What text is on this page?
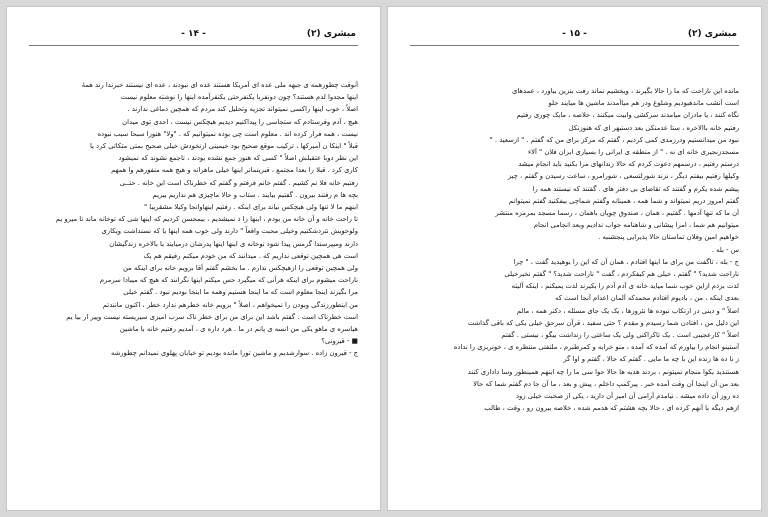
مبشری (۲)
- ۱۴ -

آنوقت چطورهمه ی جبهه ملی عده ای آمریکا هستند عده ای نبودند ، عده ای نیستند خبرندا رند همهٔ

اینها مجدوا لدم هستند؟ چون دونفربا یکنفرحتی یکنفرآمده اینها را نوشته معلوم نیست

اصلاً ، خوب اینها راکسی نمیتواند تجزیه وتحلیل کند مردم که همچین دماغی ندارند .

هیچ ، آدم وفرستادم که ستجاسی را پیداکنیم دیدیم هیچکس نیست ، احدی توی میدان

نیست ، همه فرار کرده اند . معلوم است چی بوده نمیتوانیم که . "ولا" هنوزا سبحا سبب نبوده

قبلاً " اینکا ن آمیرکها ، ترکیب موقع صحیح بود خیمینی ازنخودش خیلی صحیح بمتی متکاتی کرد یا

این نظر دوبا عتقبلش اصلاً " کسی که هنوز جمع نشده بودند ، تاجمع نشوند که نمیشود

کاری کرد . قبلا را بعدا مجتمع ، قبرینمانر اینها خیلی ماهرانه و هیچ همه منفورهم وا همهم

رفتیم خانه فلا نم کشیم . گفتم خانم فرفتم و گفتم که خطرناک است این خانه . حتــی

بچه ها م رفتند بیرون . گفتیم بیایند . ستاب و حالا ماچیزی هم نداریم بیریم

اینهم ما لا تنها ولی هیچکس نیاند برای اینکه . رفتیم اینهاوانجا وکیلا مشقریبا "

تا راحت خانه و آن خانه من بودم ، اینها را ذ نمیشدیم ، بیمحسن کردیم که اینها شی که توخانه ماند تا میرو یم

ولوخویش نتردشکنیم وخیلی محبت واقعاً " دارند ولی خوب همه اینها یا که نسنداشت ویکاری

دارند ومیپرسندا گرمس پیدا شود توخانه ی اینها اینها پدرشان درمیایند یا بالاخره زندگیشان

است هی همچین توقعی نداریم که . میدانند که من خودم میکنم رفیقم هم یک

ولی همچین توقعی را ازهیچکس ندارم . ما بخشم گفتم آقا برویم خانه برای اینکه من

ناراحت میشوم برای اینکه هرآنی که میگیرد حس میکنم اینها نگرانند که هیچ که میبادا سرمرم

مرا بگیرند اینجا معلوم است که ما اینجا هستیم وهمه ما اینجا بودیم نبود . گفتم خیلی

من اینطورزندگی وبودن را نمیخواهم ، اصلاً " برویم خانه خطرهم ندارد خطر ، اکنون مانندتم

است خطرناک است . گفتم باشد این برای من برای خطر ناک سرب امیزی سیریسته نیست وپیر ار بیا یم

هیاسره ی ماهو یکی من انسه ی پانم در ما . هرد داره ی ، آمدیم رفتیم خانه با ماشین

■ - قیرونی؟

ج - قیرون زاده . سوارشدیم و ماشین تورا مانده بودیم تو خیابان پهلوی نمیدانم چطورشه

مبشری (۲)
- ۱۵ -

مانده این ناراحت که ما را حالا بگیرند ، ویخشیم نماند رفت بنزین بیاورد ، عمدهای

است آنشب ماندهبودیم وشلوغ ودر هم میاآمدند ماشین ها میایند جلو

نگاه کنند ، یا مادران میامدند سرکشی وابیت میکنند ، خلاصه ، مایک چوری رفتیم

رفتیم خانه باالاخره ، ستا عدمنکی بعد دستبهر ای که هنوزنکل

نبود من میدانستیم ودرزمدی کمی کردیم ، گفتم که مرکز برای من که گفتم . " ازسعید . "

مسجدزنجیری خانه ای نه . " از منطقه ی ایرانی را بسیاری ایران فلان " آلاء

درستم رفتیم ، درسمهم دعوت کردم که حالا زندانهای مرا بکنید باید انجام میشد

وکیلها رفتیم بیفتم دیگر ، نزند شورلتسعی ، شورامرو ، ساعت رسیدن و گفتم ، چیز

پیشم شده یکرم و گفتند که تقاضای بی دفتر های . گفتند که نیستند همه را

گفتم امروز دریم نمیتواند و شما همه ، همینانه وگفتم شماچی بیفکنید گفتم نمیتوانم

آن ما که تنها آدمها . گفتیم ، همان ، صندوق چوپان باهمان ، رسما مسجد بمرمزه منتشر

میتوانیم هم شما ، امرا پیشانی و شاهنامه جواب ندادیم وبعد انجامی انجام

خواهیم امین وفلان تماستان حالا پذیرایی پنجشنبه .

س - بله .

ج - بله ، تاگفت من برای ما اینها افتادم ، همان آن که این را بوهیدید گفت ، " چرا

ناراحت شدید؟ " گفتم ، خیلی هم کیفکردم ، گفت " ناراحت شدید؟ " گفتم نخیرخیلی

لذت بردم ازاین خوب شما میاید خانه ی آدم آدم را بکیرند لذت یمبکنم ، اینکه آلیته

بعدی اینکه ، من ، بادیوم افتادم محمدکه آلمان اعدام آنجا است که

اصلاً " و دینی در ارتکاب نبوده ها نثرورها ، یک یک جای مسئله ، دکتر همه ، مالم

این دلیل من ، افتادن شما رسیدم و مقدم ؟ حتی سفید ، قرآن سرحق خیلی یکی که باقی گذاشت

اصلاً " کارعجیبی است . یک تاکراکنی ولی یک ساعتی را رنداشت بیگو ، نیستی . گفتم

آستینو انجام را بیاورم که آمده که آمده ، منو خرابه و کمرطبرم ، ملتفتی منتظره ی ، خونریزی را نداده

ز نا ده ها زنده این با چه ما مایی . گفتم که حالا ، گفتم و اوا گر

هستندید یکوا منجام نمیتونم ، بردند هدیه ها حالا حوا سی ما را چه اینهم همینطور وسا داداری کنند

بعد من آن اینجا آن وقت آمده خبر . پیرکمپ داخلم ، پیش و بعد ، ما آن جا دم گفتم شما که حالا

ده روز آن داده میشه . نیامدم آرامی آن امیر آن دارید ، یکی از صحبت خیلی زود

ازهم دیگه با آنهم کرده ای ، حالا بچه هشتم که هدمم شده ، خلاصه بیرون رو ، وقت ، طالب
